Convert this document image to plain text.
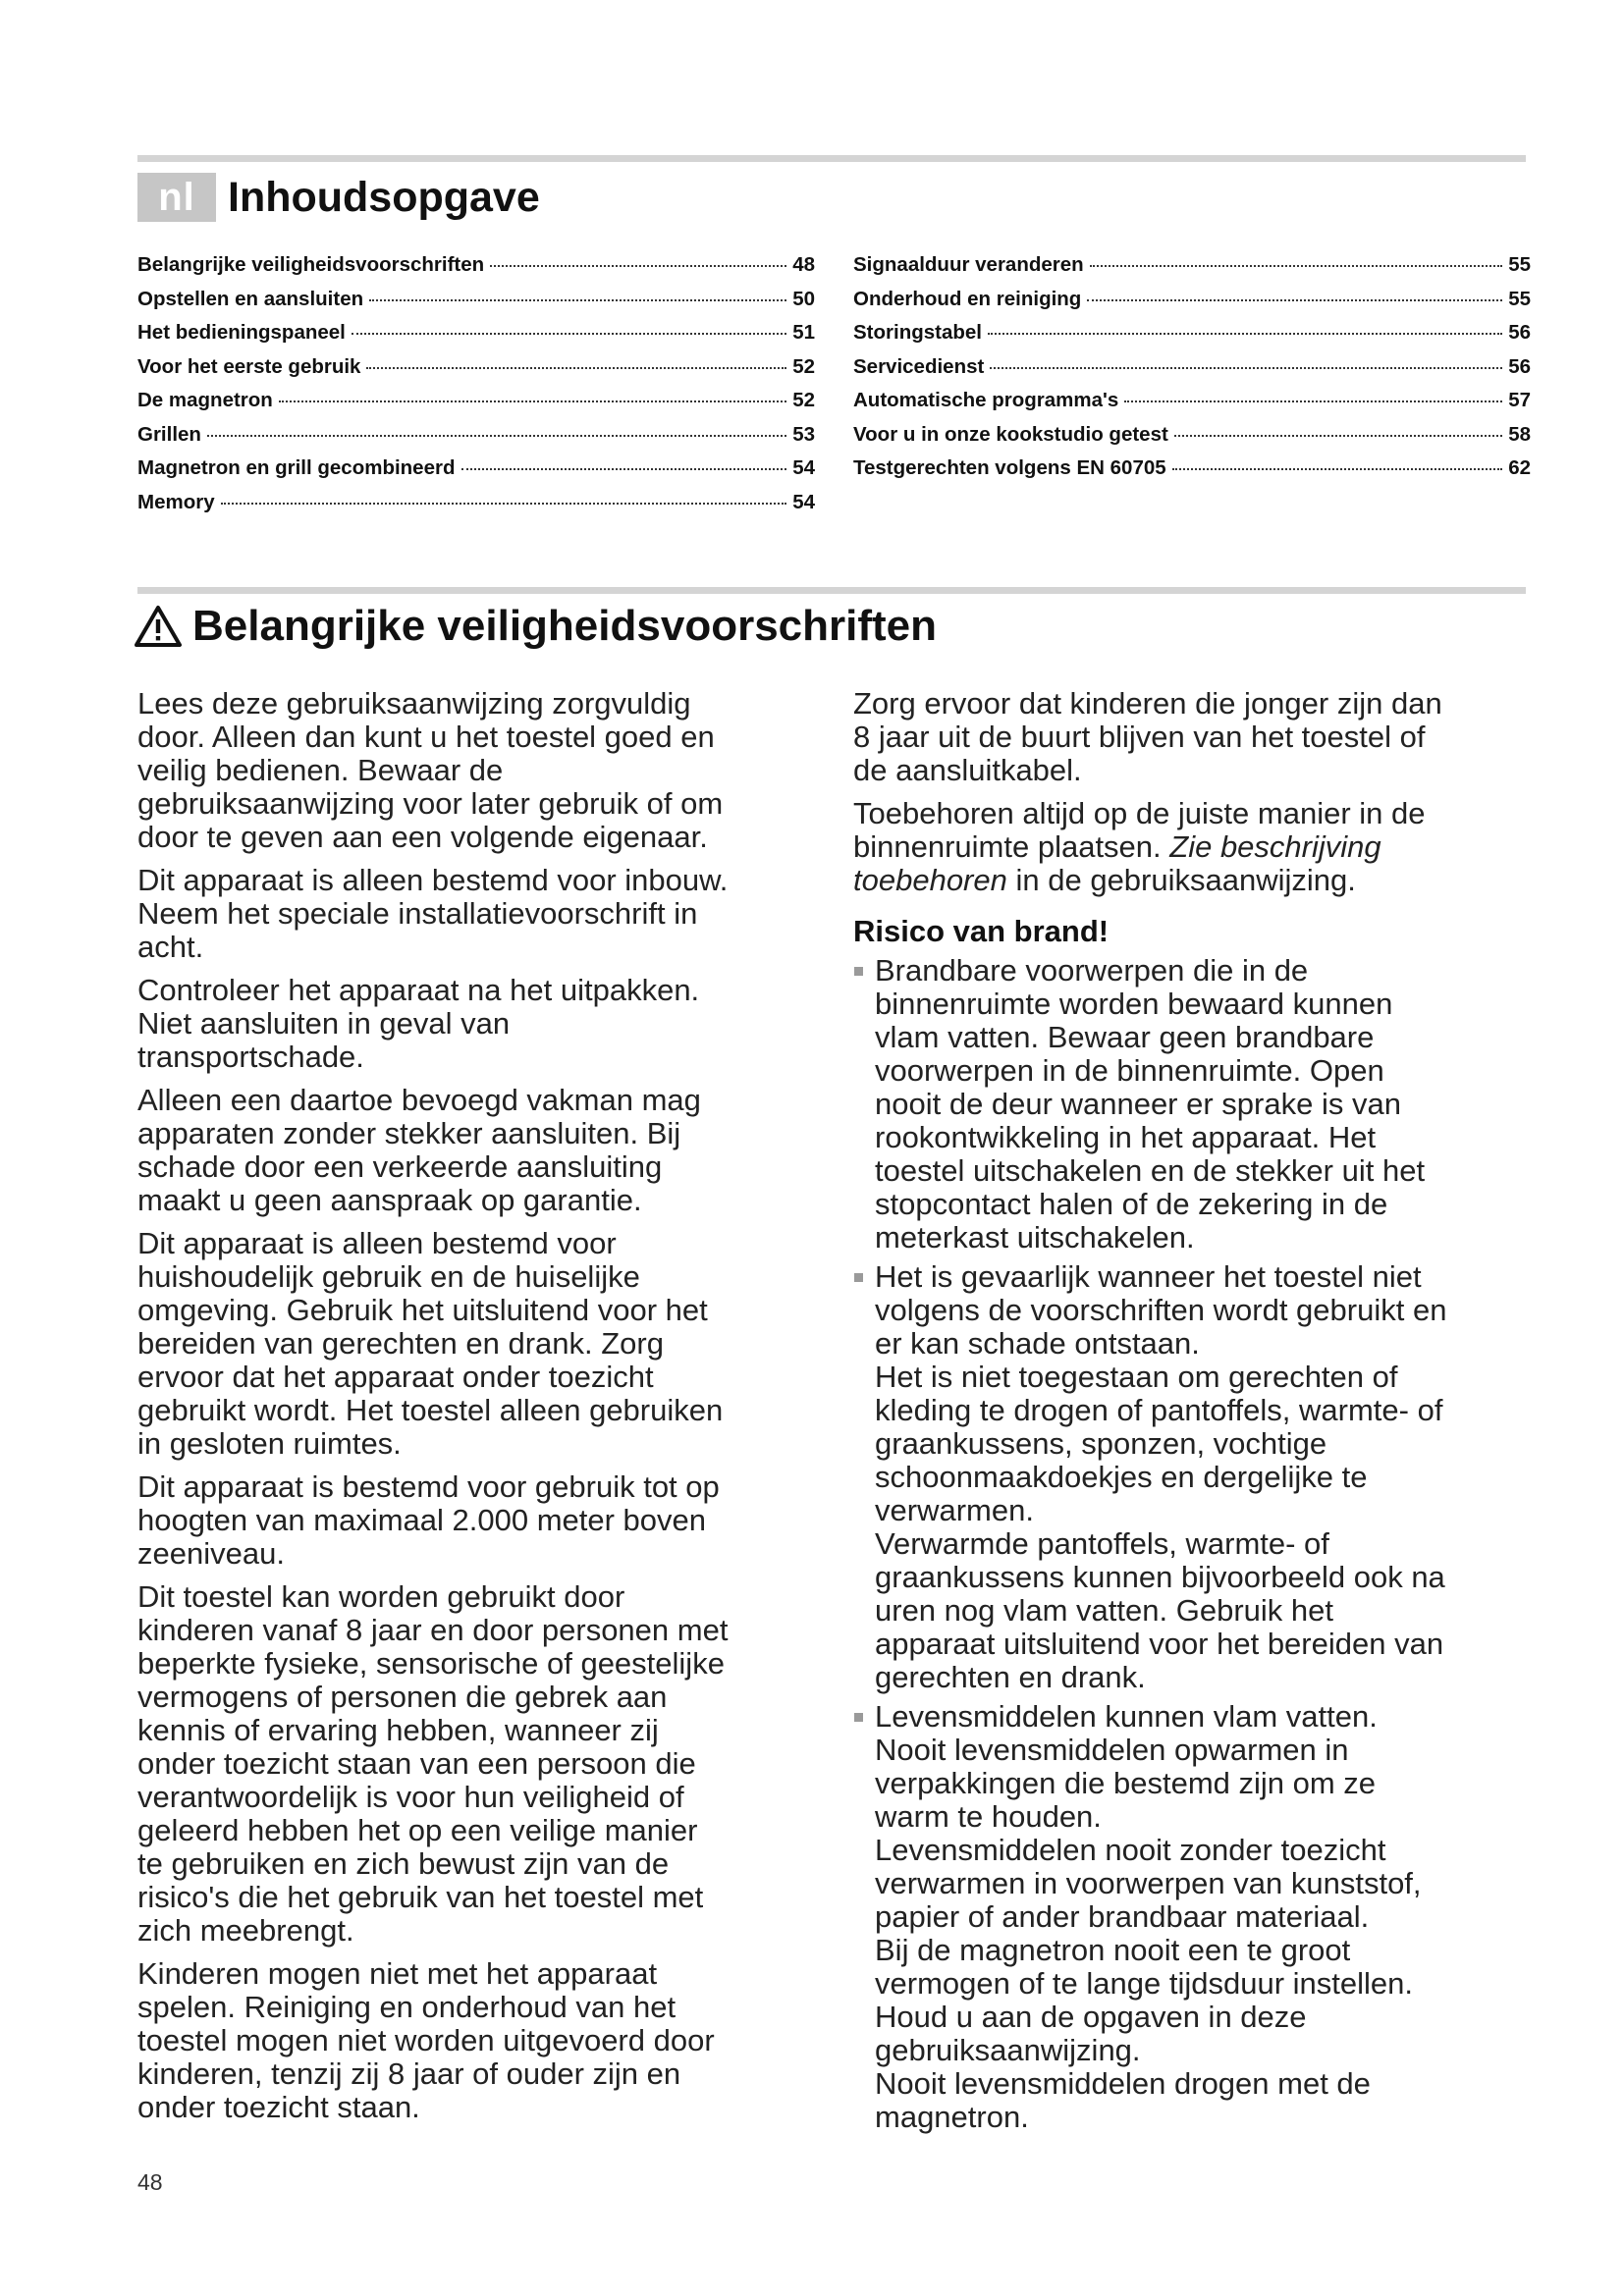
nl Inhoudsopgave
Belangrijke veiligheidsvoorschriften	48
Opstellen en aansluiten	50
Het bedieningspaneel	51
Voor het eerste gebruik	52
De magnetron	52
Grillen	53
Magnetron en grill gecombineerd	54
Memory	54
Signaalduur veranderen	55
Onderhoud en reiniging	55
Storingstabel	56
Servicedienst	56
Automatische programma's	57
Voor u in onze kookstudio getest	58
Testgerechten volgens EN 60705	62
Belangrijke veiligheidsvoorschriften

Lees deze gebruiksaanwijzing zorgvuldig
door. Alleen dan kunt u het toestel goed en
veilig bedienen. Bewaar de
gebruiksaanwijzing voor later gebruik of om
door te geven aan een volgende eigenaar.

Dit apparaat is alleen bestemd voor inbouw.
Neem het speciale installatievoorschrift in
acht.

Controleer het apparaat na het uitpakken.
Niet aansluiten in geval van
transportschade.

Alleen een daartoe bevoegd vakman mag
apparaten zonder stekker aansluiten. Bij
schade door een verkeerde aansluiting
maakt u geen aanspraak op garantie.

Dit apparaat is alleen bestemd voor
huishoudelijk gebruik en de huiselijke
omgeving. Gebruik het uitsluitend voor het
bereiden van gerechten en drank. Zorg
ervoor dat het apparaat onder toezicht
gebruikt wordt. Het toestel alleen gebruiken
in gesloten ruimtes.

Dit apparaat is bestemd voor gebruik tot op
hoogten van maximaal 2.000 meter boven
zeeniveau.

Dit toestel kan worden gebruikt door
kinderen vanaf 8 jaar en door personen met
beperkte fysieke, sensorische of geestelijke
vermogens of personen die gebrek aan
kennis of ervaring hebben, wanneer zij
onder toezicht staan van een persoon die
verantwoordelijk is voor hun veiligheid of
geleerd hebben het op een veilige manier
te gebruiken en zich bewust zijn van de
risico's die het gebruik van het toestel met
zich meebrengt.

Kinderen mogen niet met het apparaat
spelen. Reiniging en onderhoud van het
toestel mogen niet worden uitgevoerd door
kinderen, tenzij zij 8 jaar of ouder zijn en
onder toezicht staan.

Zorg ervoor dat kinderen die jonger zijn dan
8 jaar uit de buurt blijven van het toestel of
de aansluitkabel.

Toebehoren altijd op de juiste manier in de
binnenruimte plaatsen. Zie beschrijving
toebehoren in de gebruiksaanwijzing.

Risico van brand!
Brandbare voorwerpen die in de
binnenruimte worden bewaard kunnen
vlam vatten. Bewaar geen brandbare
voorwerpen in de binnenruimte. Open
nooit de deur wanneer er sprake is van
rookontwikkeling in het apparaat. Het
toestel uitschakelen en de stekker uit het
stopcontact halen of de zekering in de
meterkast uitschakelen.
Het is gevaarlijk wanneer het toestel niet
volgens de voorschriften wordt gebruikt en
er kan schade ontstaan.
Het is niet toegestaan om gerechten of
kleding te drogen of pantoffels, warmte- of
graankussens, sponzen, vochtige
schoonmaakdoekjes en dergelijke te
verwarmen.
Verwarmde pantoffels, warmte- of
graankussens kunnen bijvoorbeeld ook na
uren nog vlam vatten. Gebruik het
apparaat uitsluitend voor het bereiden van
gerechten en drank.
Levensmiddelen kunnen vlam vatten.
Nooit levensmiddelen opwarmen in
verpakkingen die bestemd zijn om ze
warm te houden.
Levensmiddelen nooit zonder toezicht
verwarmen in voorwerpen van kunststof,
papier of ander brandbaar materiaal.
Bij de magnetron nooit een te groot
vermogen of te lange tijdsduur instellen.
Houd u aan de opgaven in deze
gebruiksaanwijzing.
Nooit levensmiddelen drogen met de
magnetron.
48
